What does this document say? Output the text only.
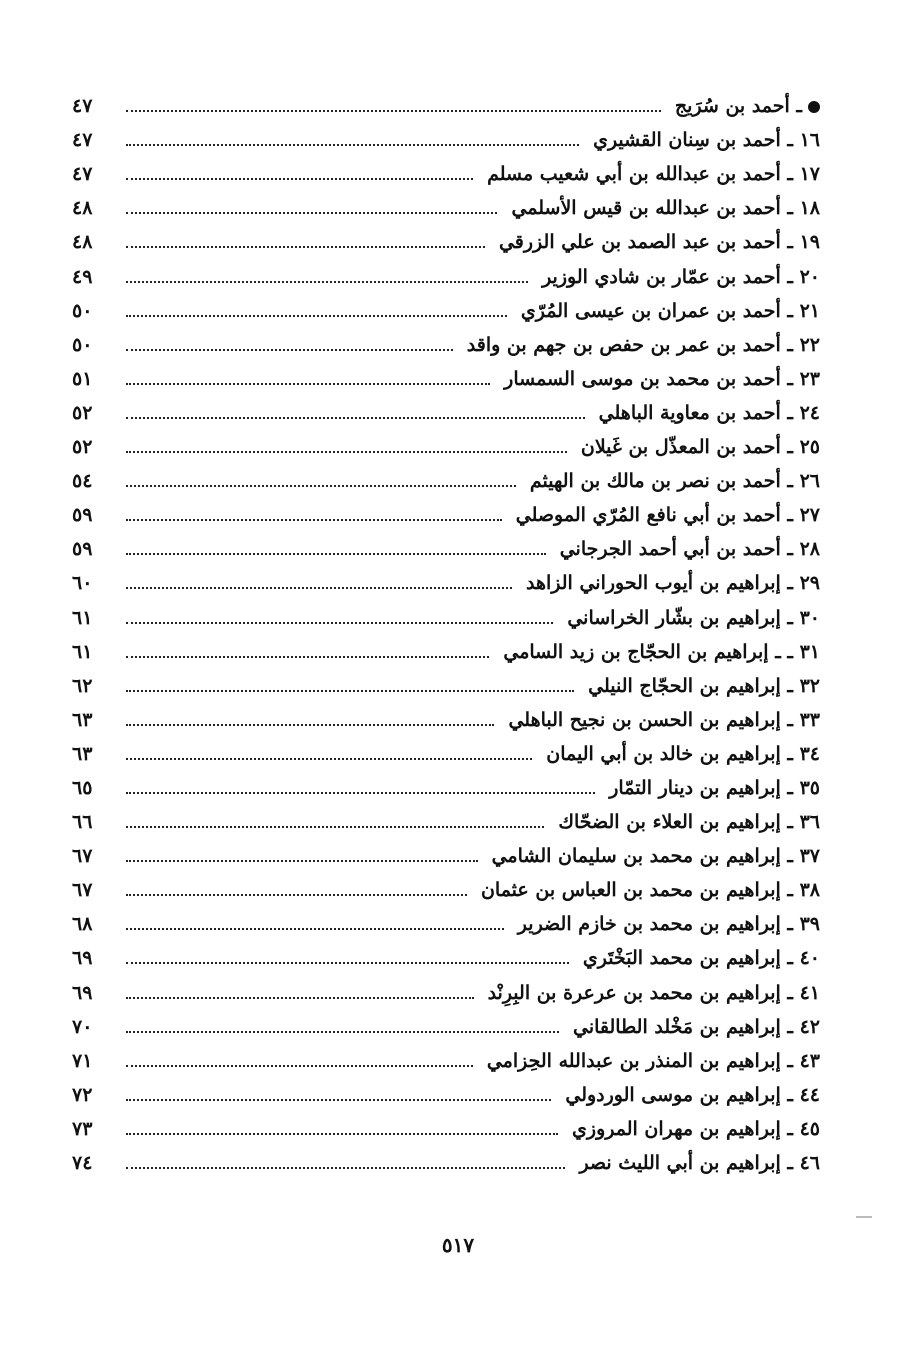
ـ أحمد بن سُرَيج
٤٧
١٦ ـ أحمد بن سِنان القشيري
٤٧
١٧ ـ أحمد بن عبدالله بن أبي شعيب مسلم
٤٧
١٨ ـ أحمد بن عبدالله بن قيس الأسلمي
٤٨
١٩ ـ أحمد بن عبد الصمد بن علي الزرقي
٤٨
٢٠ ـ أحمد بن عمّار بن شادي الوزير
٤٩
٢١ ـ أحمد بن عمران بن عيسى المُرّي
٥٠
٢٢ ـ أحمد بن عمر بن حفص بن جهم بن واقد
٥٠
٢٣ ـ أحمد بن محمد بن موسى السمسار
٥١
٢٤ ـ أحمد بن معاوية الباهلي
٥٢
٢٥ ـ أحمد بن المعذّل بن غَيلان
٥٢
٢٦ ـ أحمد بن نصر بن مالك بن الهيثم
٥٤
٢٧ ـ أحمد بن أبي نافع المُرّي الموصلي
٥٩
٢٨ ـ أحمد بن أبي أحمد الجرجاني
٥٩
٢٩ ـ إبراهيم بن أيوب الحوراني الزاهد
٦٠
٣٠ ـ إبراهيم بن بشّار الخراساني
٦١
٣١ ـ ـ إبراهيم بن الحجّاج بن زيد السامي
٦١
٣٢ ـ إبراهيم بن الحجّاج النيلي
٦٢
٣٣ ـ إبراهيم بن الحسن بن نجيح الباهلي
٦٣
٣٤ ـ إبراهيم بن خالد بن أبي اليمان
٦٣
٣٥ ـ إبراهيم بن دينار التمّار
٦٥
٣٦ ـ إبراهيم بن العلاء بن الضحّاك
٦٦
٣٧ ـ إبراهيم بن محمد بن سليمان الشامي
٦٧
٣٨ ـ إبراهيم بن محمد بن العباس بن عثمان
٦٧
٣٩ ـ إبراهيم بن محمد بن خازم الضرير
٦٨
٤٠ ـ إبراهيم بن محمد البَخْتَري
٦٩
٤١ ـ إبراهيم بن محمد بن عرعرة بن البِرِنْد
٦٩
٤٢ ـ إبراهيم بن مَخْلد الطالقاني
٧٠
٤٣ ـ إبراهيم بن المنذر بن عبدالله الحِزامي
٧١
٤٤ ـ إبراهيم بن موسى الوردولي
٧٢
٤٥ ـ إبراهيم بن مهران المروزي
٧٣
٤٦ ـ إبراهيم بن أبي الليث نصر
٧٤
٥١٧
